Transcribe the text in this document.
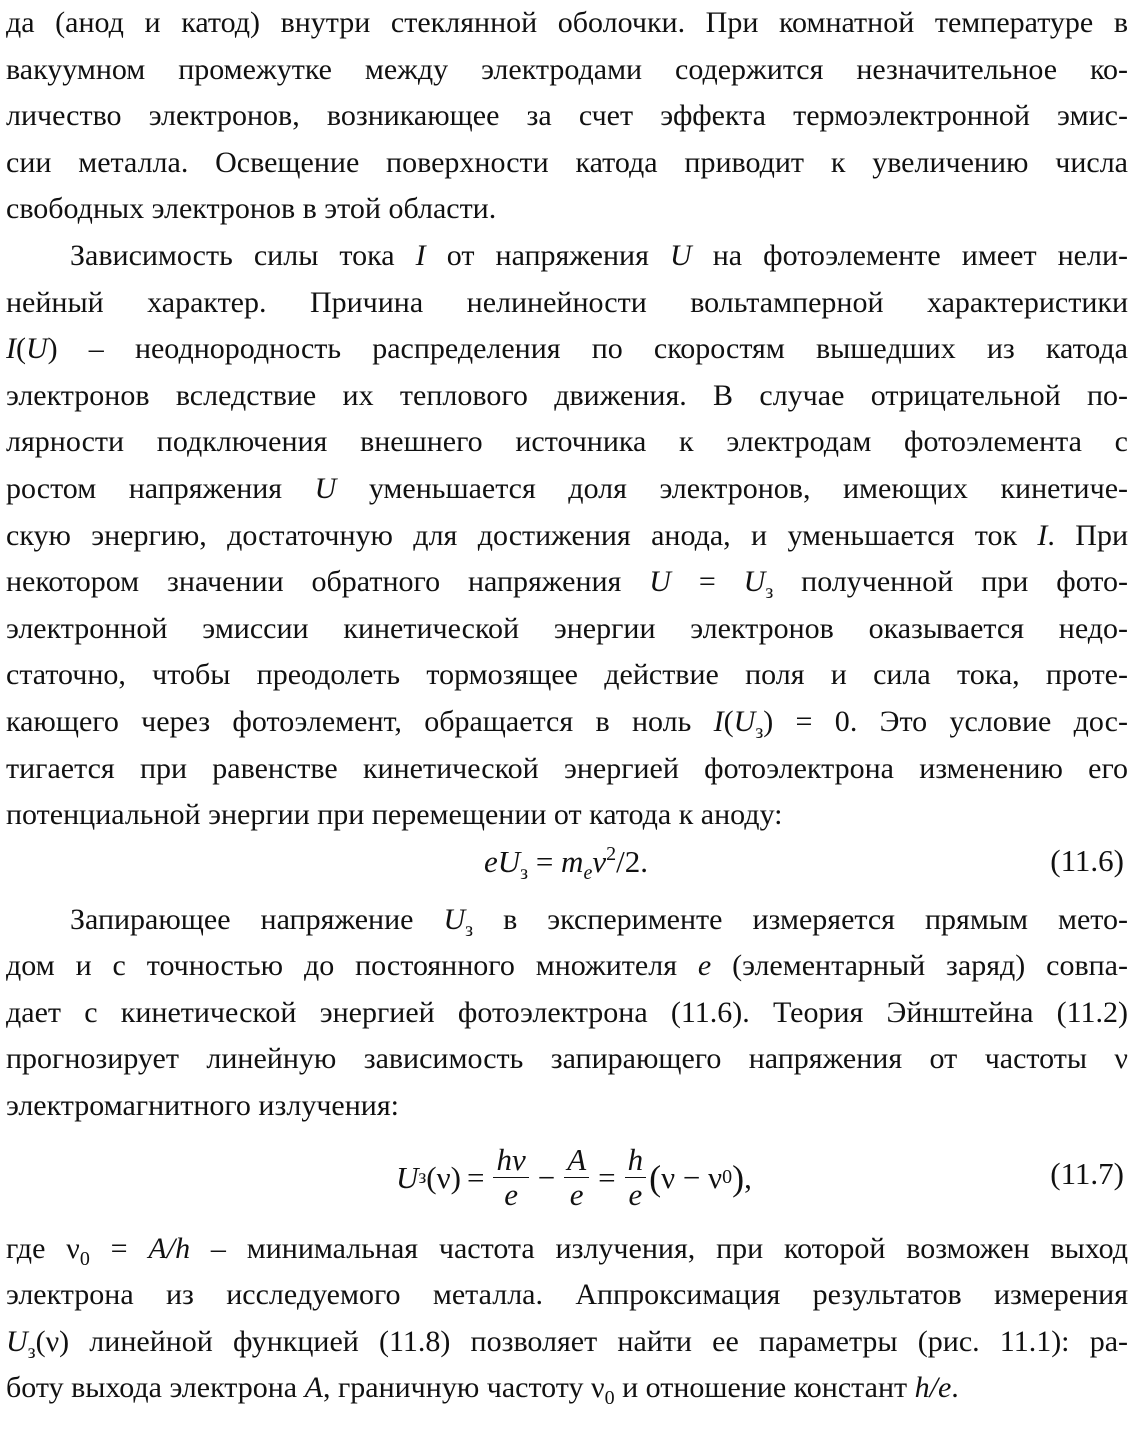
да (анод и катод) внутри стеклянной оболочки. При комнатной температуре в
вакуумном промежутке между электродами содержится незначительное ко-
личество электронов, возникающее за счет эффекта термоэлектронной эмис-
сии металла. Освещение поверхности катода приводит к увеличению числа
свободных электронов в этой области.

Зависимость силы тока I от напряжения U на фотоэлементе имеет нели-
нейный характер. Причина нелинейности вольтамперной характеристики
I(U) – неоднородность распределения по скоростям вышедших из катода
электронов вследствие их теплового движения. В случае отрицательной по-
лярности подключения внешнего источника к электродам фотоэлемента с
ростом напряжения U уменьшается доля электронов, имеющих кинетиче-
скую энергию, достаточную для достижения анода, и уменьшается ток I. При
некотором значении обратного напряжения $U = U_з$ полученной при фото-
электронной эмиссии кинетической энергии электронов оказывается недо-
статочно, чтобы преодолеть тормозящее действие поля и сила тока, проте-
кающего через фотоэлемент, обращается в ноль $I(U_з) = 0$. Это условие дос-
тигается при равенстве кинетической энергией фотоэлектрона изменению его
потенциальной энергии при перемещении от катода к аноду:

$eU_з = m_ev^2/2$.	(11.6)

Запирающее напряжение $U_з$ в эксперименте измеряется прямым мето-
дом и с точностью до постоянного множителя e (элементарный заряд) совпа-
дает с кинетической энергией фотоэлектрона (11.6). Теория Эйнштейна (11.2)
прогнозирует линейную зависимость запирающего напряжения от частоты ν
электромагнитного излучения:

U з $(\nu) = \frac{h\nu}{e} - \frac{A}{e} = \frac{h}{e}$ ( ν − ν 0 ) ,	(11.7)

где $\nu_0 = A/h$ – минимальная частота излучения, при которой возможен выход
электрона из исследуемого металла. Аппроксимация результатов измерения
$U_з(\nu)$ линейной функцией (11.8) позволяет найти ее параметры (рис. 11.1): ра-
боту выхода электрона A, граничную частоту $\nu_0$ и отношение констант h/e.
